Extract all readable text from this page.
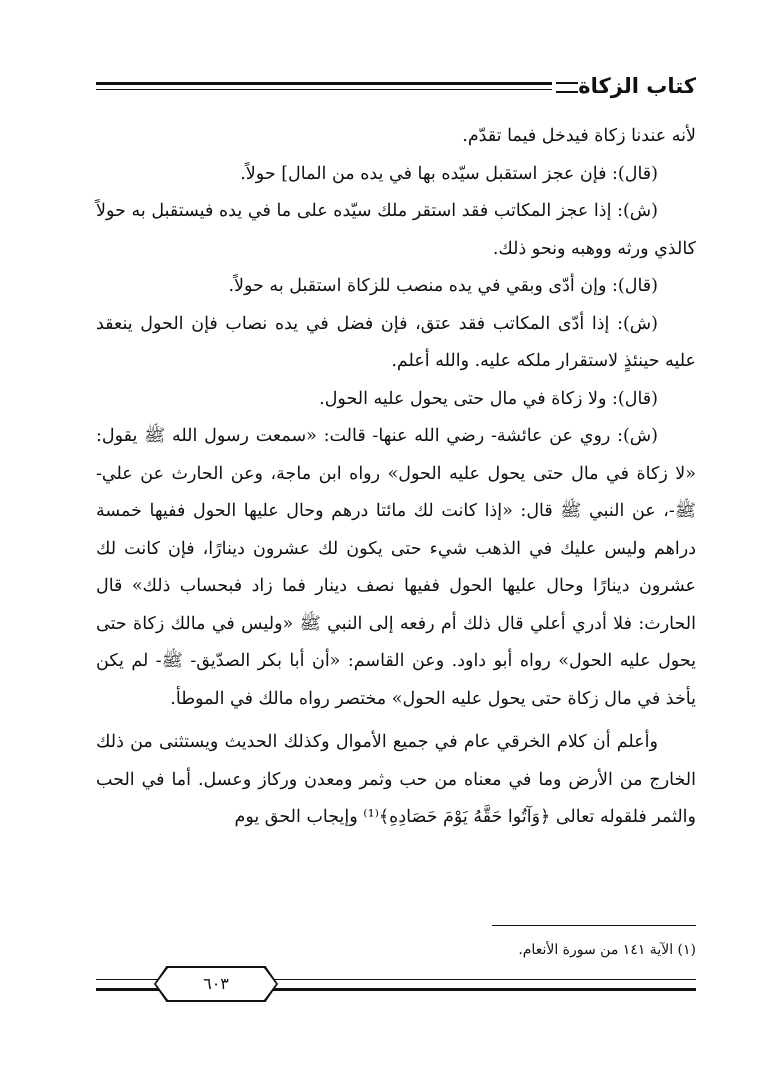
كتاب الزكاة

لأنه عندنا زكاة فيدخل فيما تقدّم.

(قال): فإن عجز استقبل سيّده بها في يده من المال] حولاً.

(ش): إذا عجز المكاتب فقد استقر ملك سيّده على ما في يده فيستقبل به حولاً كالذي ورثه ووهبه ونحو ذلك.

(قال): وإن أدّى وبقي في يده منصب للزكاة استقبل به حولاً.

(ش): إذا أدّى المكاتب فقد عتق، فإن فضل في يده نصاب فإن الحول ينعقد عليه حينئذٍ لاستقرار ملكه عليه. والله أعلم.

(قال): ولا زكاة في مال حتى يحول عليه الحول.

(ش): روي عن عائشة- رضي الله عنها- قالت: «سمعت رسول الله ﷺ يقول: «لا زكاة في مال حتى يحول عليه الحول» رواه ابن ماجة، وعن الحارث عن علي- ﷺ-، عن النبي ﷺ قال: «إذا كانت لك مائتا درهم وحال عليها الحول ففيها خمسة دراهم وليس عليك في الذهب شيء حتى يكون لك عشرون دينارًا، فإن كانت لك عشرون دينارًا وحال عليها الحول ففيها نصف دينار فما زاد فبحساب ذلك» قال الحارث: فلا أدري أعلي قال ذلك أم رفعه إلى النبي ﷺ «وليس في مالك زكاة حتى يحول عليه الحول» رواه أبو داود. وعن القاسم: «أن أبا بكر الصدّيق- ﷺ- لم يكن يأخذ في مال زكاة حتى يحول عليه الحول» مختصر رواه مالك في الموطأ.

وأعلم أن كلام الخرقي عام في جميع الأموال وكذلك الحديث ويستثنى من ذلك الخارج من الأرض وما في معناه من حب وثمر ومعدن وركاز وعسل. أما في الحب والثمر فلقوله تعالى ﴿وَآتُوا حَقَّهُ يَوْمَ حَصَادِهِ﴾⁽¹⁾ وإيجاب الحق يوم

(١) الآية ١٤١ من سورة الأنعام.
٦٠٣
